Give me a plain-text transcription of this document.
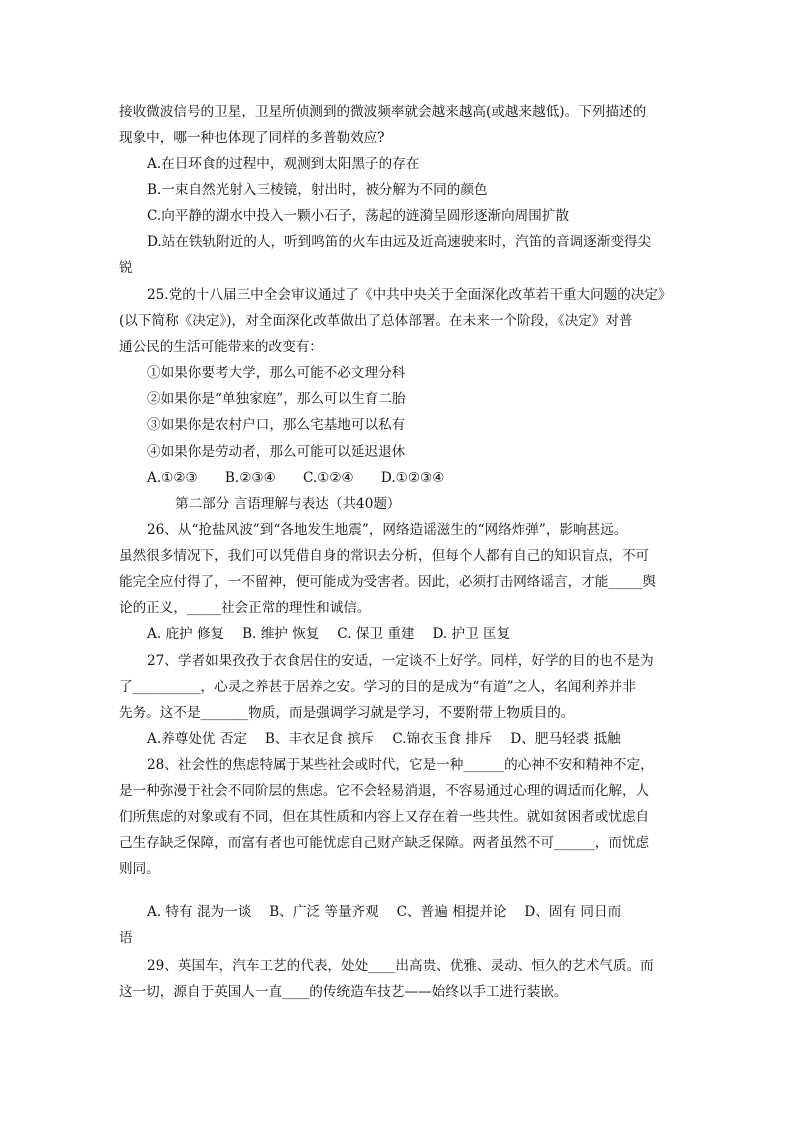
接收微波信号的卫星，卫星所侦测到的微波频率就会越来越高(或越来越低)。下列描述的
现象中，哪一种也体现了同样的多普勒效应?
A.在日环食的过程中，观测到太阳黑子的存在
B.一束自然光射入三棱镜，射出时，被分解为不同的颜色
C.向平静的湖水中投入一颗小石子，荡起的涟漪呈圆形逐渐向周围扩散
D.站在铁轨附近的人，听到鸣笛的火车由远及近高速驶来时，汽笛的音调逐渐变得尖
锐
25.党的十八届三中全会审议通过了《中共中央关于全面深化改革若干重大问题的决定》
(以下简称《决定》)，对全面深化改革做出了总体部署。在未来一个阶段，《决定》对普
通公民的生活可能带来的改变有：
①如果你要考大学，那么可能不必文理分科
②如果你是“单独家庭”，那么可以生育二胎
③如果你是农村户口，那么宅基地可以私有
④如果你是劳动者，那么可能可以延迟退休
A.①②③　　B.②③④　　C.①②④　　D.①②③④
第二部分 言语理解与表达（共40题）
26、从“抢盐风波”到“各地发生地震”，网络造谣滋生的“网络炸弹”，影响甚远。
虽然很多情况下，我们可以凭借自身的常识去分析，但每个人都有自己的知识盲点，不可
能完全应付得了，一不留神，便可能成为受害者。因此，必须打击网络谣言，才能_____舆
论的正义，_____社会正常的理性和诚信。
A. 庇护 修复　 B. 维护 恢复　 C. 保卫 重建　 D. 护卫 匡复
27、学者如果孜孜于衣食居住的安适，一定谈不上好学。同样，好学的目的也不是为
了__________，心灵之养甚于居养之安。学习的目的是成为“有道”之人，名闻利养并非
先务。这不是_______物质，而是强调学习就是学习，不要附带上物质目的。
A.养尊处优 否定　 B、丰衣足食 摈斥　 C.锦衣玉食 排斥　 D、肥马轻裘 抵触
28、社会性的焦虑特属于某些社会或时代，它是一种______的心神不安和精神不定，
是一种弥漫于社会不同阶层的焦虑。它不会轻易消退，不容易通过心理的调适而化解，人
们所焦虑的对象或有不同，但在其性质和内容上又存在着一些共性。就如贫困者或忧虑自
己生存缺乏保障，而富有者也可能忧虑自己财产缺乏保障。两者虽然不可______，而忧虑
则同。
A. 特有 混为一谈　 B、广泛 等量齐观　 C、普遍 相提并论　 D、固有 同日而
语
29、英国车，汽车工艺的代表，处处____出高贵、优雅、灵动、恒久的艺术气质。而
这一切，源自于英国人一直____的传统造车技艺——始终以手工进行装嵌。
